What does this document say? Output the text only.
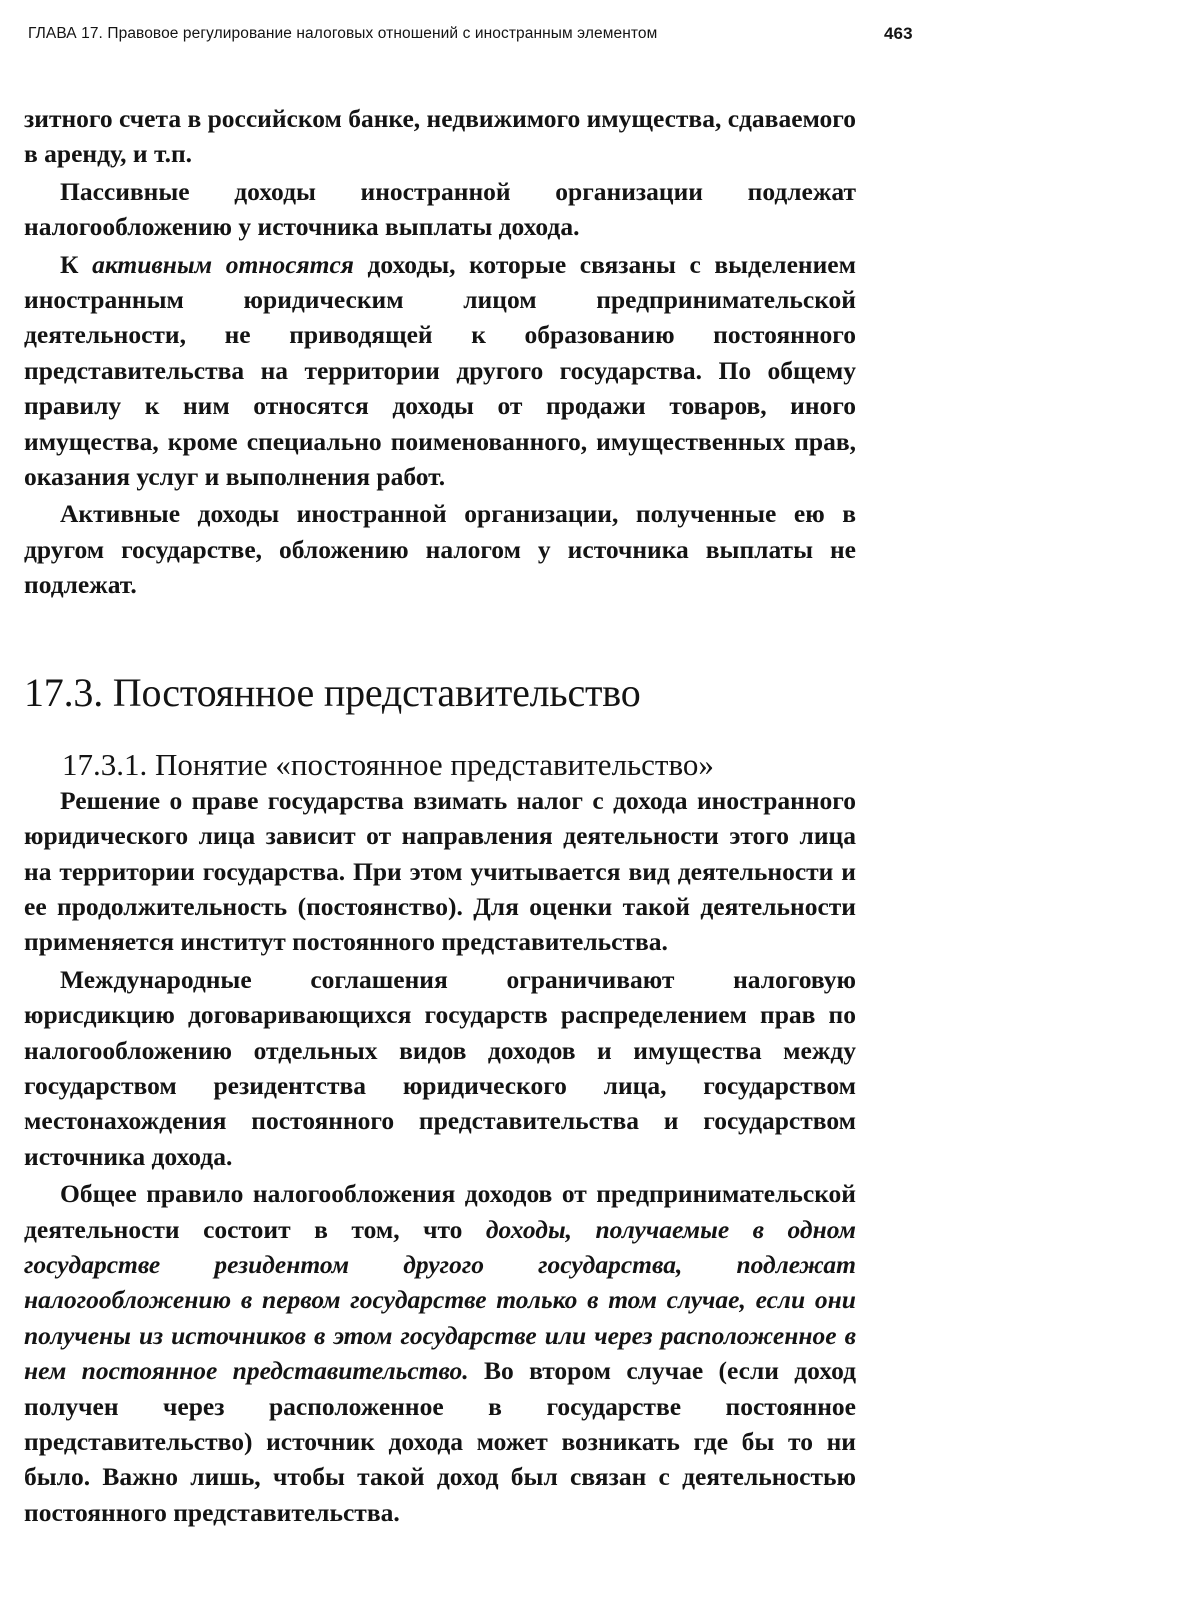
ГЛАВА 17. Правовое регулирование налоговых отношений с иностранным элементом	463

зитного счета в российском банке, недвижимого имущества, сдаваемого в аренду, и т.п.

Пассивные доходы иностранной организации подлежат налогообложению у источника выплаты дохода.

К активным относятся доходы, которые связаны с выделением иностранным юридическим лицом предпринимательской деятельности, не приводящей к образованию постоянного представительства на территории другого государства. По общему правилу к ним относятся доходы от продажи товаров, иного имущества, кроме специально поименованного, имущественных прав, оказания услуг и выполнения работ.

Активные доходы иностранной организации, полученные ею в другом государстве, обложению налогом у источника выплаты не подлежат.

17.3. Постоянное представительство
17.3.1. Понятие «постоянное представительство»

Решение о праве государства взимать налог с дохода иностранного юридического лица зависит от направления деятельности этого лица на территории государства. При этом учитывается вид деятельности и ее продолжительность (постоянство). Для оценки такой деятельности применяется институт постоянного представительства.

Международные соглашения ограничивают налоговую юрисдикцию договаривающихся государств распределением прав по налогообложению отдельных видов доходов и имущества между государством резидентства юридического лица, государством местонахождения постоянного представительства и государством источника дохода.

Общее правило налогообложения доходов от предпринимательской деятельности состоит в том, что доходы, получаемые в одном государстве резидентом другого государства, подлежат налогообложению в первом государстве только в том случае, если они получены из источников в этом государстве или через расположенное в нем постоянное представительство. Во втором случае (если доход получен через расположенное в государстве постоянное представительство) источник дохода может возникать где бы то ни было. Важно лишь, чтобы такой доход был связан с деятельностью постоянного представительства.
